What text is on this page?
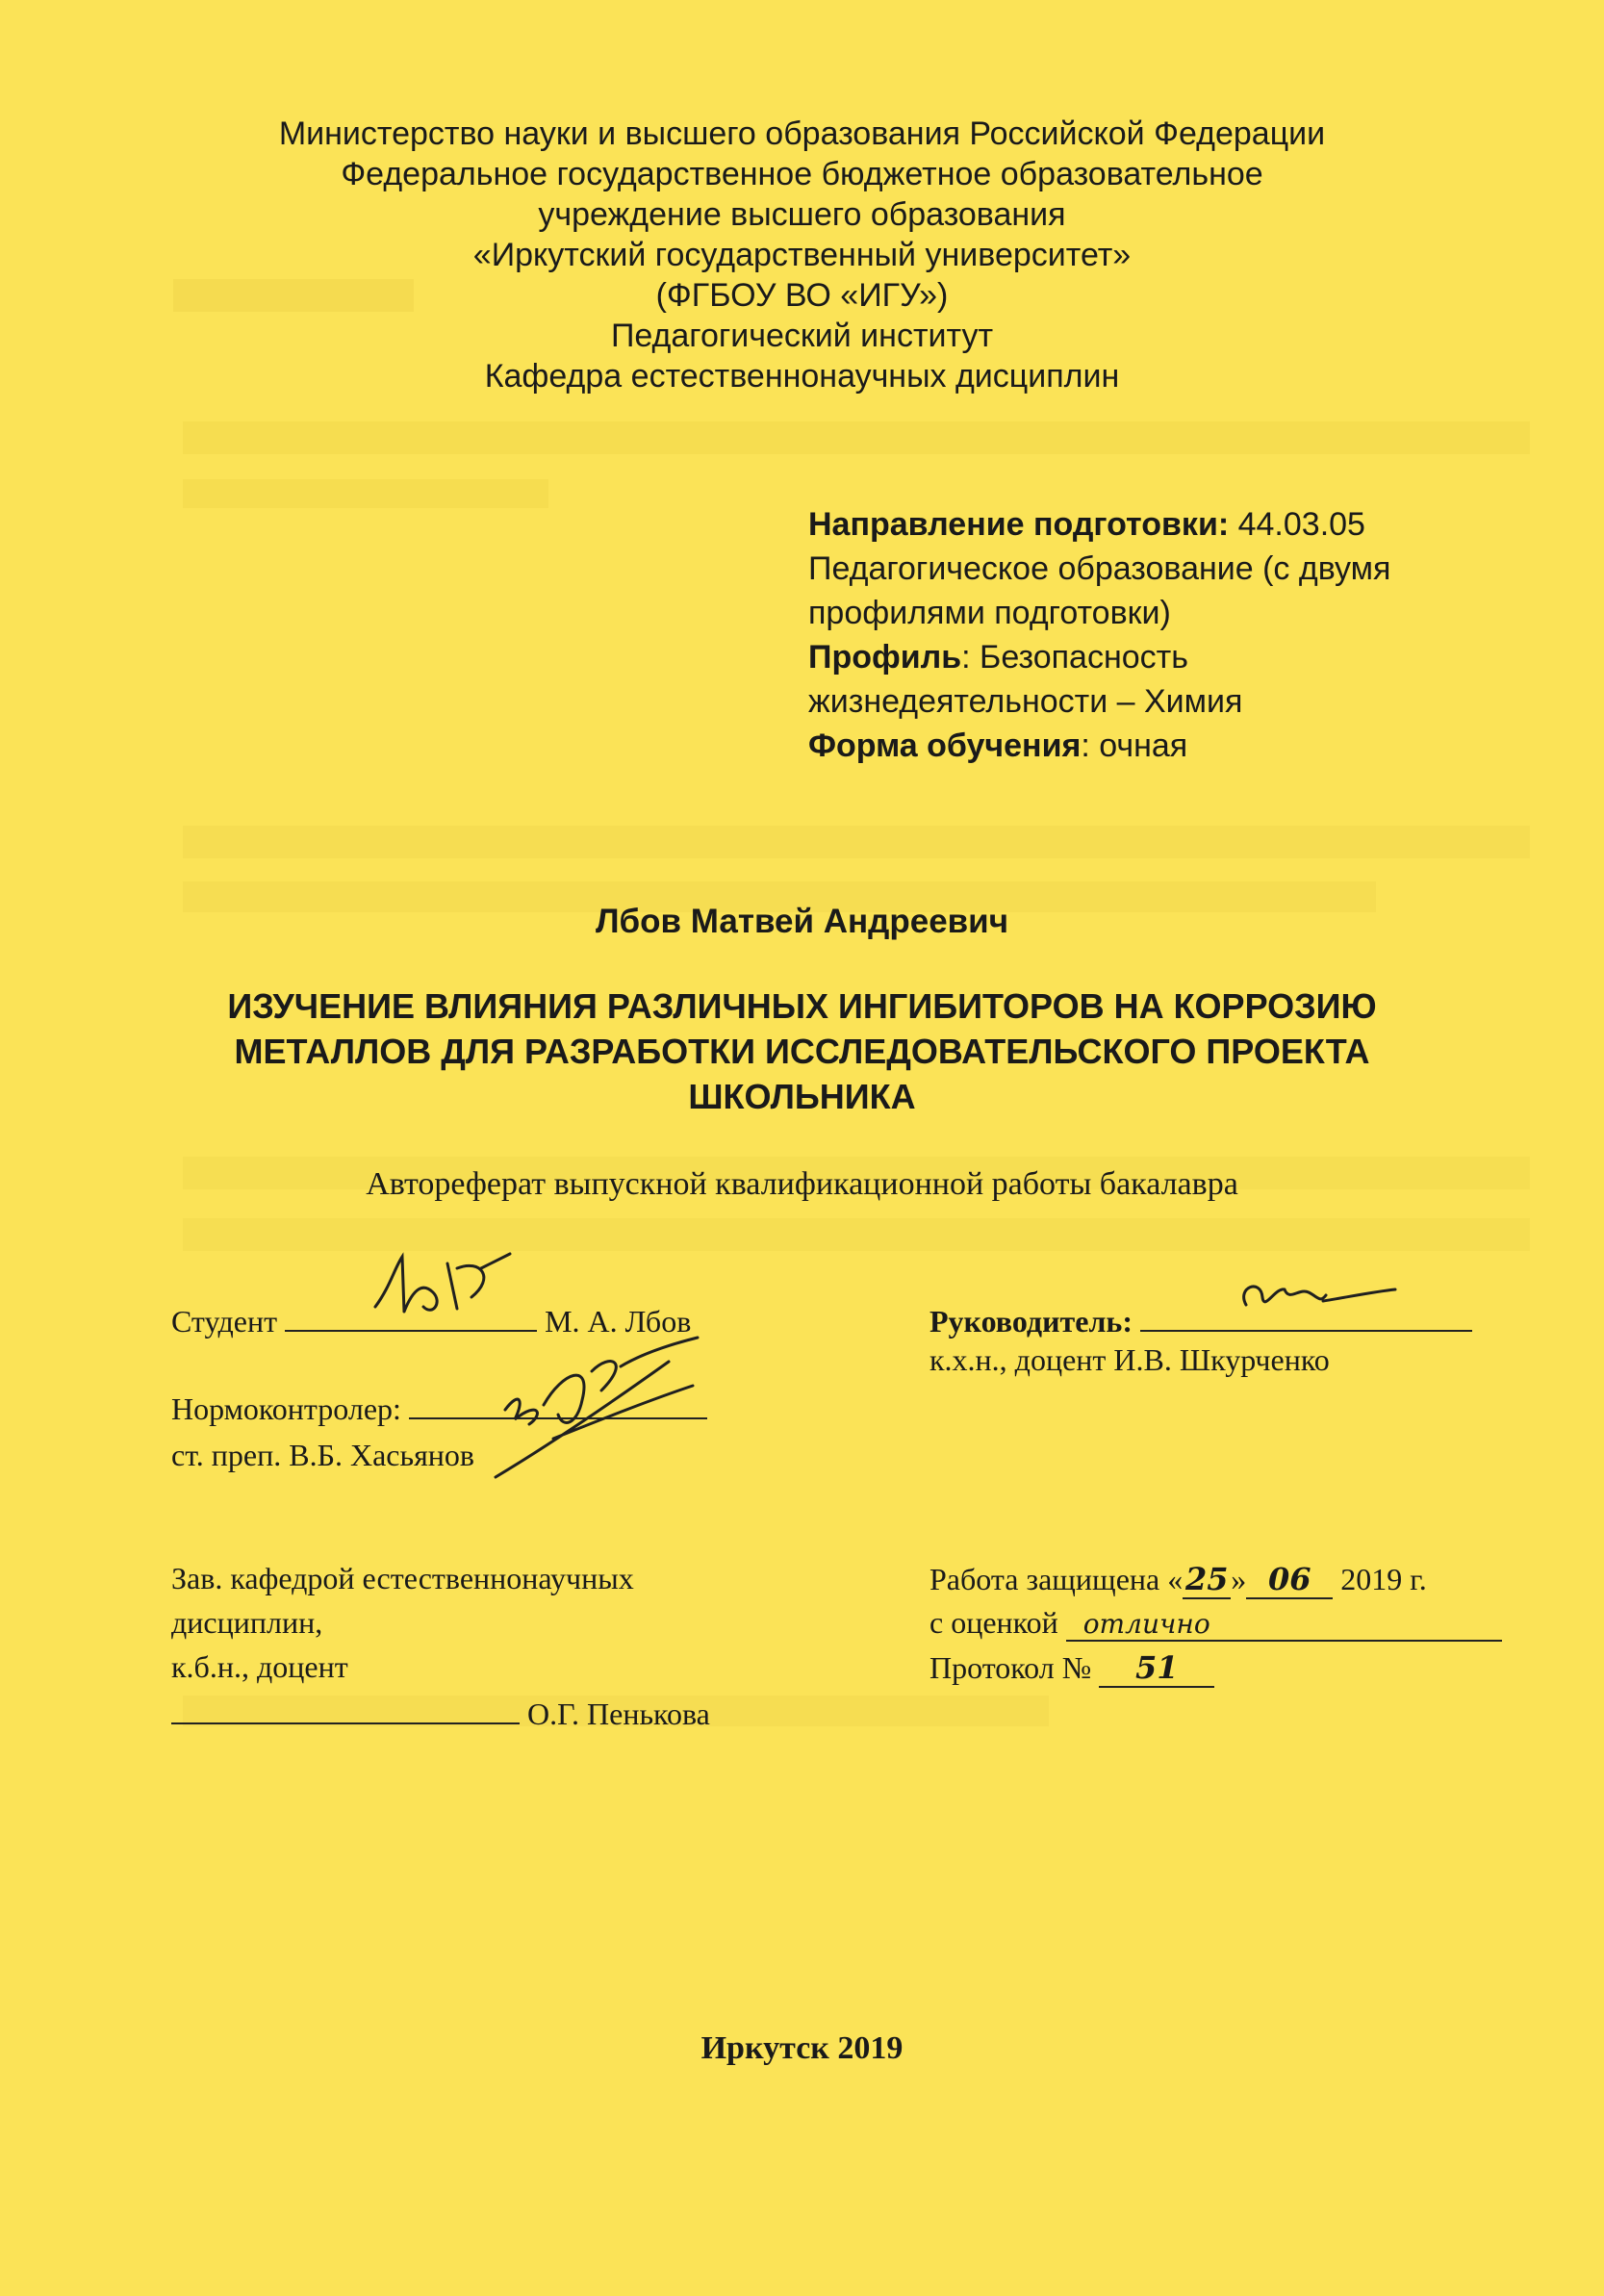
Министерство науки и высшего образования Российской Федерации
Федеральное государственное бюджетное образовательное
учреждение высшего образования
«Иркутский государственный университет»
(ФГБОУ ВО «ИГУ»)
Педагогический институт
Кафедра естественнонаучных дисциплин
Направление подготовки: 44.03.05
Педагогическое образование (с двумя
профилями подготовки)
Профиль: Безопасность
жизнедеятельности – Химия
Форма обучения: очная
Лбов Матвей Андреевич
ИЗУЧЕНИЕ ВЛИЯНИЯ РАЗЛИЧНЫХ ИНГИБИТОРОВ НА КОРРОЗИЮ
МЕТАЛЛОВ ДЛЯ РАЗРАБОТКИ ИССЛЕДОВАТЕЛЬСКОГО ПРОЕКТА
ШКОЛЬНИКА
Автореферат выпускной квалификационной работы бакалавра
Студент	М. А. Лбов	Руководитель:
к.х.н., доцент И.В. Шкурченко
Нормоконтролер:
ст. преп. В.Б. Хасьянов
Зав. кафедрой естественнонаучных
дисциплин,
к.б.н., доцент
О.Г. Пенькова
Работа защищена «25» 06 2019 г.
с оценкой отлично
Протокол № 51
Иркутск 2019
